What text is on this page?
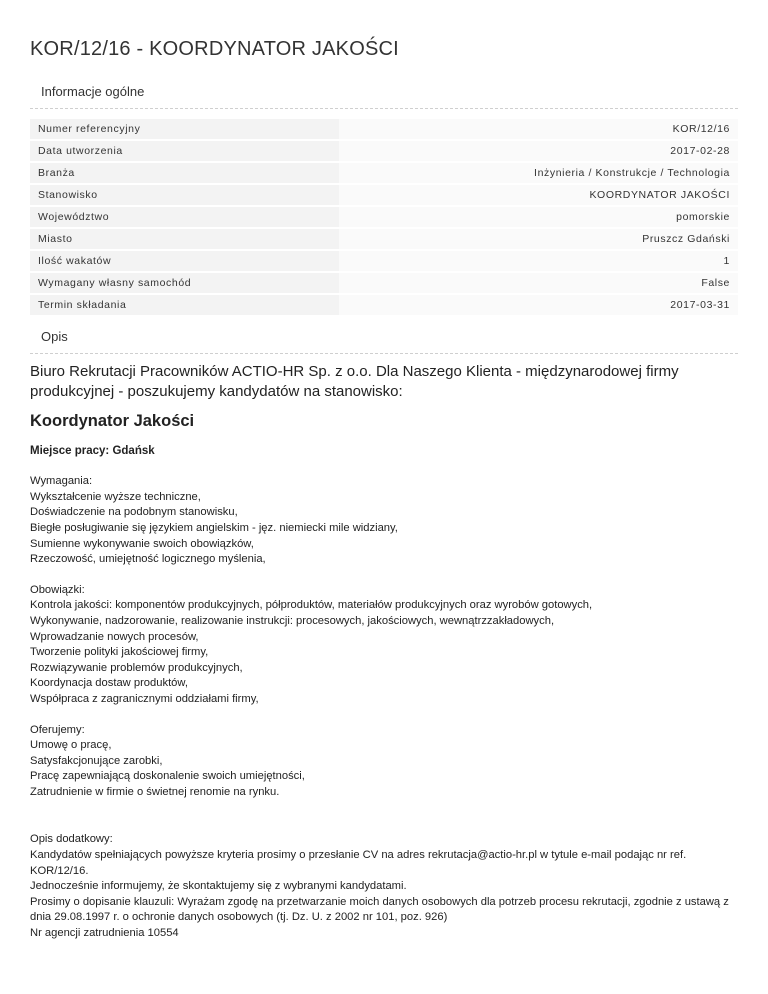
KOR/12/16 - KOORDYNATOR JAKOŚCI
Informacje ogólne
Numer referencyjny	KOR/12/16
Data utworzenia	2017-02-28
Branża	Inżynieria / Konstrukcje / Technologia
Stanowisko	KOORDYNATOR JAKOŚCI
Województwo	pomorskie
Miasto	Pruszcz Gdański
Ilość wakatów	1
Wymagany własny samochód	False
Termin składania	2017-03-31
Opis

Biuro Rekrutacji Pracowników ACTIO-HR Sp. z o.o. Dla Naszego Klienta - międzynarodowej firmy produkcyjnej - poszukujemy kandydatów na stanowisko:

Koordynator Jakości

Miejsce pracy: Gdańsk

Wymagania:
Wykształcenie wyższe techniczne,
Doświadczenie na podobnym stanowisku,
Biegłe posługiwanie się językiem angielskim - jęz. niemiecki mile widziany,
Sumienne wykonywanie swoich obowiązków,
Rzeczowość, umiejętność logicznego myślenia,
Obowiązki:
Kontrola jakości: komponentów produkcyjnych, półproduktów, materiałów produkcyjnych oraz wyrobów gotowych,
Wykonywanie, nadzorowanie, realizowanie instrukcji: procesowych, jakościowych, wewnątrzzakładowych,
Wprowadzanie nowych procesów,
Tworzenie polityki jakościowej firmy,
Rozwiązywanie problemów produkcyjnych,
Koordynacja dostaw produktów,
Współpraca z zagranicznymi oddziałami firmy,
Oferujemy:
Umowę o pracę,
Satysfakcjonujące zarobki,
Pracę zapewniającą doskonalenie swoich umiejętności,
Zatrudnienie w firmie o świetnej renomie na rynku.
Opis dodatkowy:
Kandydatów spełniających powyższe kryteria prosimy o przesłanie CV na adres rekrutacja@actio-hr.pl w tytule e-mail podając nr ref. KOR/12/16.
Jednocześnie informujemy, że skontaktujemy się z wybranymi kandydatami.
Prosimy o dopisanie klauzuli: Wyrażam zgodę na przetwarzanie moich danych osobowych dla potrzeb procesu rekrutacji, zgodnie z ustawą z dnia 29.08.1997 r. o ochronie danych osobowych (tj. Dz. U. z 2002 nr 101, poz. 926)
Nr agencji zatrudnienia 10554
